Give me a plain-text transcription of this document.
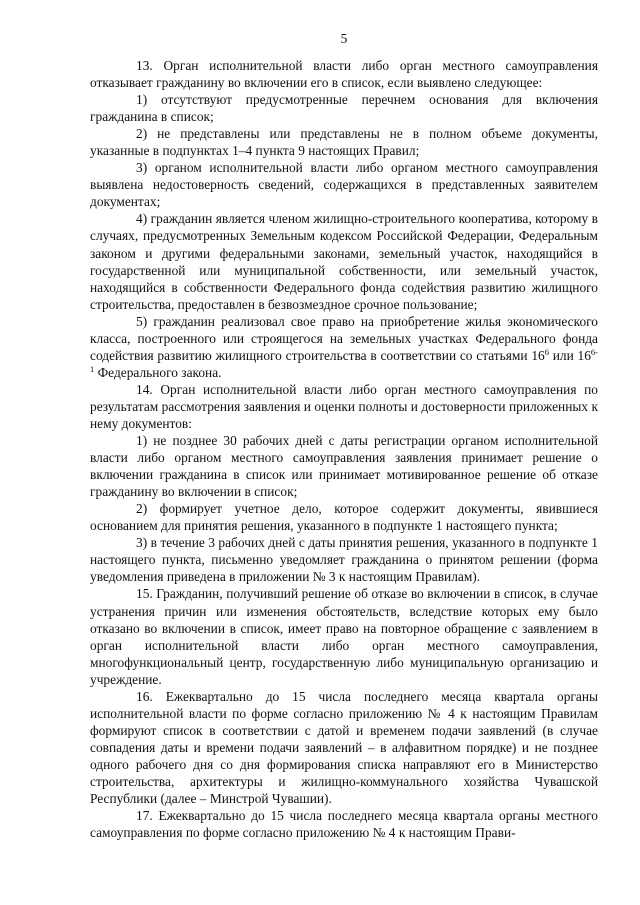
5

13. Орган исполнительной власти либо орган местного самоуправления отказывает гражданину во включении его в список, если выявлено следующее:

1) отсутствуют предусмотренные перечнем основания для включения гражданина в список;

2) не представлены или представлены не в полном объеме документы, указанные в подпунктах 1–4 пункта 9 настоящих Правил;

3) органом исполнительной власти либо органом местного самоуправления выявлена недостоверность сведений, содержащихся в представленных заявителем документах;

4) гражданин является членом жилищно-строительного кооператива, которому в случаях, предусмотренных Земельным кодексом Российской Федерации, Федеральным законом и другими федеральными законами, земельный участок, находящийся в государственной или муниципальной собственности, или земельный участок, находящийся в собственности Федерального фонда содействия развитию жилищного строительства, предоставлен в безвозмездное срочное пользование;

5) гражданин реализовал свое право на приобретение жилья экономического класса, построенного или строящегося на земельных участках Федерального фонда содействия развитию жилищного строительства в соответствии со статьями $16^6$ или 16$^{6-1}$ Федерального закона.

14. Орган исполнительной власти либо орган местного самоуправления по результатам рассмотрения заявления и оценки полноты и достоверности приложенных к нему документов:

1) не позднее 30 рабочих дней с даты регистрации органом исполнительной власти либо органом местного самоуправления заявления принимает решение о включении гражданина в список или принимает мотивированное решение об отказе гражданину во включении в список;

2) формирует учетное дело, которое содержит документы, явившиеся основанием для принятия решения, указанного в подпункте 1 настоящего пункта;

3) в течение 3 рабочих дней с даты принятия решения, указанного в подпункте 1 настоящего пункта, письменно уведомляет гражданина о принятом решении (форма уведомления приведена в приложении № 3 к настоящим Правилам).

15. Гражданин, получивший решение об отказе во включении в список, в случае устранения причин или изменения обстоятельств, вследствие которых ему было отказано во включении в список, имеет право на повторное обращение с заявлением в орган исполнительной власти либо орган местного самоуправления, многофункциональный центр, государственную либо муниципальную организацию и учреждение.

16. Ежеквартально до 15 числа последнего месяца квартала органы исполнительной власти по форме согласно приложению № 4 к настоящим Правилам формируют список в соответствии с датой и временем подачи заявлений (в случае совпадения даты и времени подачи заявлений – в алфавитном порядке) и не позднее одного рабочего дня со дня формирования списка направляют его в Министерство строительства, архитектуры и жилищно-коммунального хозяйства Чувашской Республики (далее – Минстрой Чувашии).

17. Ежеквартально до 15 числа последнего месяца квартала органы местного самоуправления по форме согласно приложению № 4 к настоящим Прави-
